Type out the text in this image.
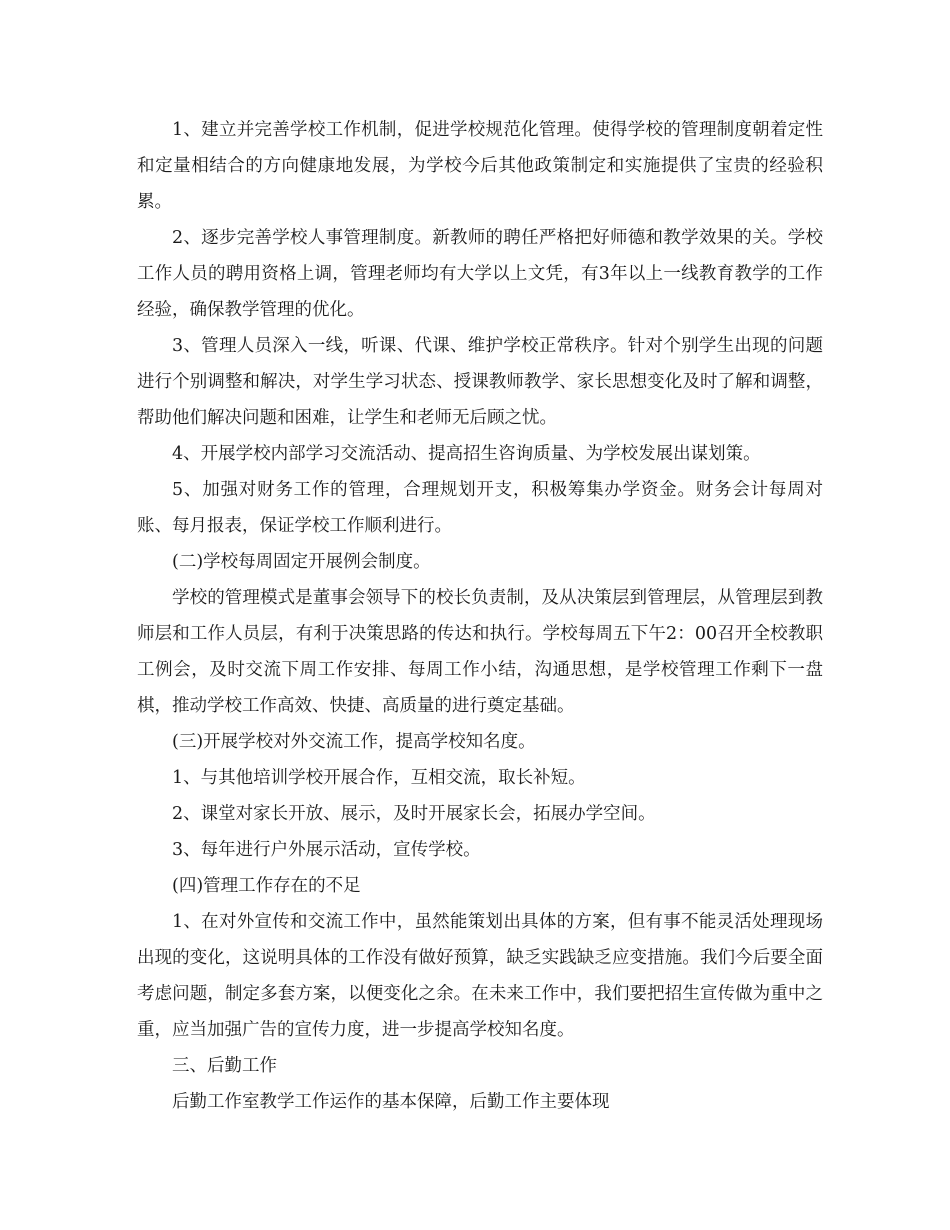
1、建立并完善学校工作机制，促进学校规范化管理。使得学校的管理制度朝着定性和定量相结合的方向健康地发展，为学校今后其他政策制定和实施提供了宝贵的经验积累。

2、逐步完善学校人事管理制度。新教师的聘任严格把好师德和教学效果的关。学校工作人员的聘用资格上调，管理老师均有大学以上文凭，有3年以上一线教育教学的工作经验，确保教学管理的优化。

3、管理人员深入一线，听课、代课、维护学校正常秩序。针对个别学生出现的问题进行个别调整和解决，对学生学习状态、授课教师教学、家长思想变化及时了解和调整，帮助他们解决问题和困难，让学生和老师无后顾之忧。

4、开展学校内部学习交流活动、提高招生咨询质量、为学校发展出谋划策。

5、加强对财务工作的管理，合理规划开支，积极筹集办学资金。财务会计每周对账、每月报表，保证学校工作顺利进行。

(二)学校每周固定开展例会制度。

学校的管理模式是董事会领导下的校长负责制，及从决策层到管理层，从管理层到教师层和工作人员层，有利于决策思路的传达和执行。学校每周五下午2：00召开全校教职工例会，及时交流下周工作安排、每周工作小结，沟通思想，是学校管理工作剩下一盘棋，推动学校工作高效、快捷、高质量的进行奠定基础。

(三)开展学校对外交流工作，提高学校知名度。

1、与其他培训学校开展合作，互相交流，取长补短。

2、课堂对家长开放、展示，及时开展家长会，拓展办学空间。

3、每年进行户外展示活动，宣传学校。

(四)管理工作存在的不足

1、在对外宣传和交流工作中，虽然能策划出具体的方案，但有事不能灵活处理现场出现的变化，这说明具体的工作没有做好预算，缺乏实践缺乏应变措施。我们今后要全面考虑问题，制定多套方案，以便变化之余。在未来工作中，我们要把招生宣传做为重中之重，应当加强广告的宣传力度，进一步提高学校知名度。

三、后勤工作

后勤工作室教学工作运作的基本保障，后勤工作主要体现
